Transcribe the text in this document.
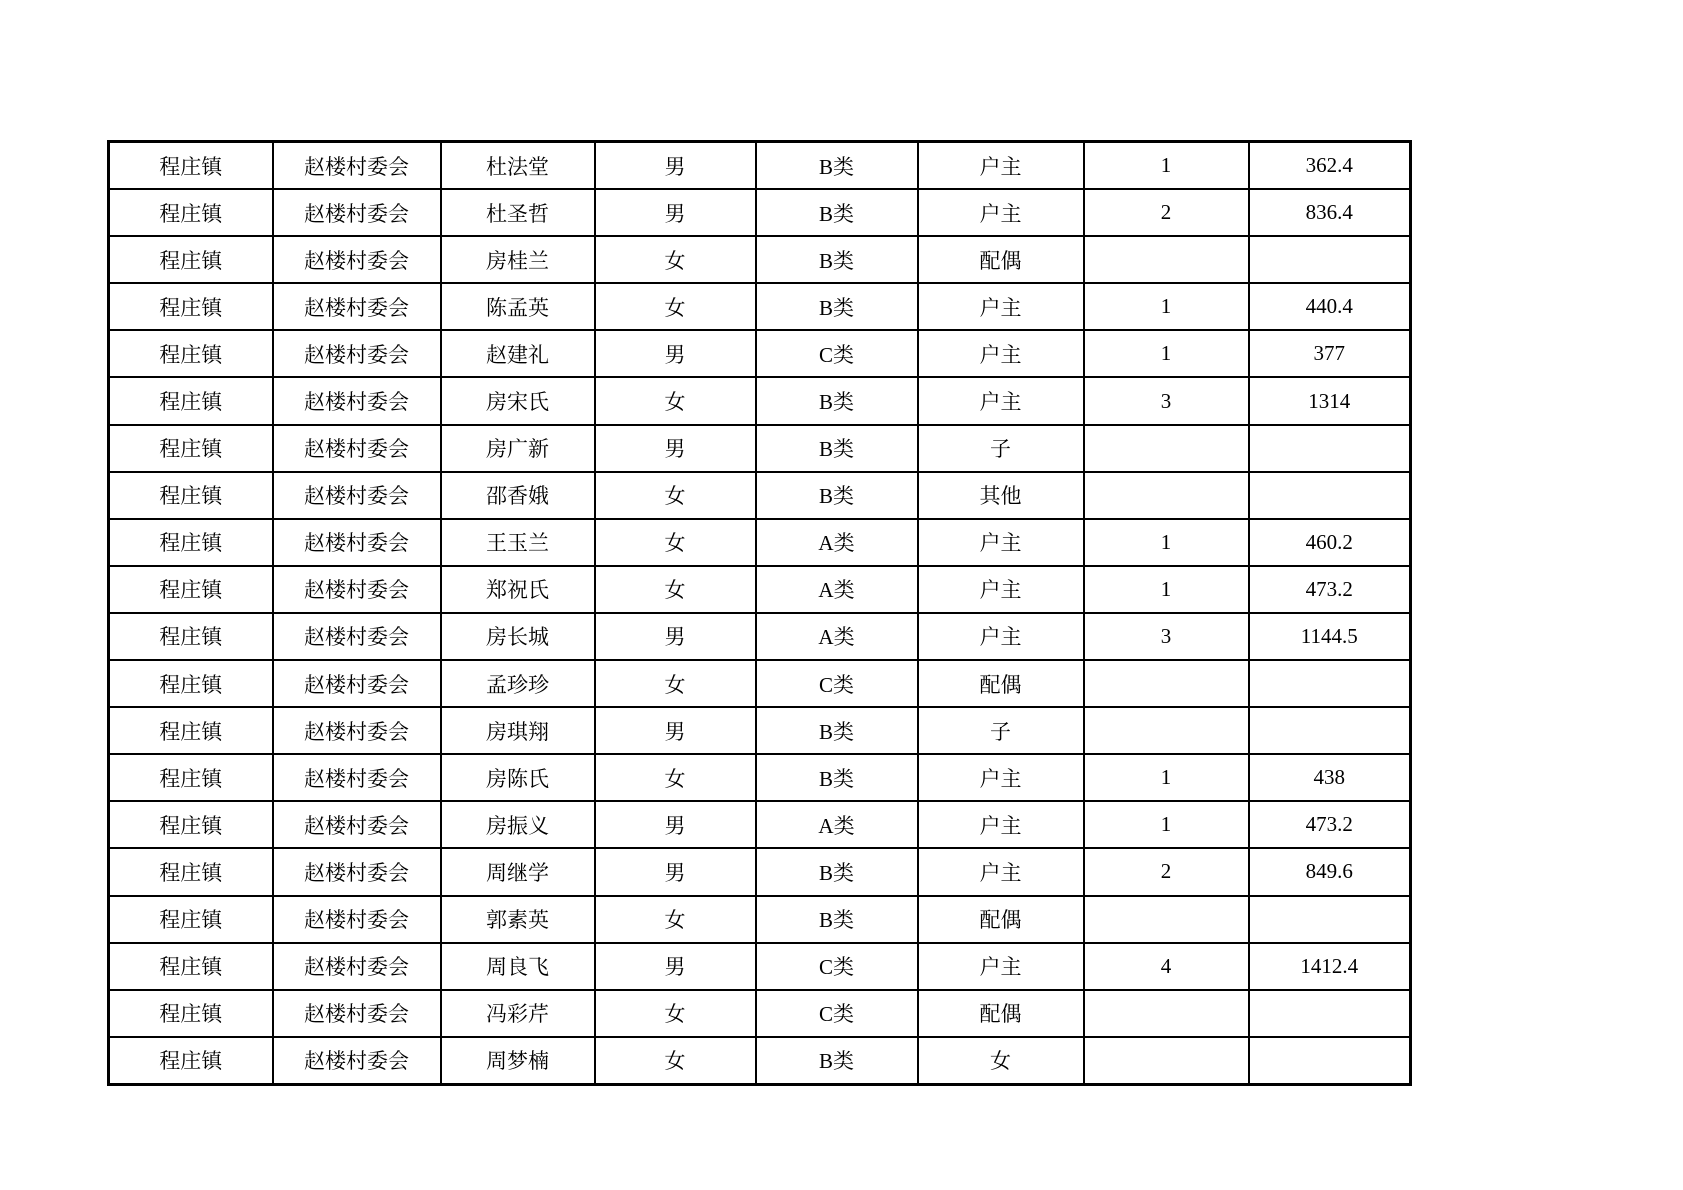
程庄镇	赵楼村委会	杜法堂	男	B类	户主	1	362.4
程庄镇	赵楼村委会	杜圣哲	男	B类	户主	2	836.4
程庄镇	赵楼村委会	房桂兰	女	B类	配偶		
程庄镇	赵楼村委会	陈孟英	女	B类	户主	1	440.4
程庄镇	赵楼村委会	赵建礼	男	C类	户主	1	377
程庄镇	赵楼村委会	房宋氏	女	B类	户主	3	1314
程庄镇	赵楼村委会	房广新	男	B类	子		
程庄镇	赵楼村委会	邵香娥	女	B类	其他		
程庄镇	赵楼村委会	王玉兰	女	A类	户主	1	460.2
程庄镇	赵楼村委会	郑祝氏	女	A类	户主	1	473.2
程庄镇	赵楼村委会	房长城	男	A类	户主	3	1144.5
程庄镇	赵楼村委会	孟珍珍	女	C类	配偶		
程庄镇	赵楼村委会	房琪翔	男	B类	子		
程庄镇	赵楼村委会	房陈氏	女	B类	户主	1	438
程庄镇	赵楼村委会	房振义	男	A类	户主	1	473.2
程庄镇	赵楼村委会	周继学	男	B类	户主	2	849.6
程庄镇	赵楼村委会	郭素英	女	B类	配偶		
程庄镇	赵楼村委会	周良飞	男	C类	户主	4	1412.4
程庄镇	赵楼村委会	冯彩芹	女	C类	配偶		
程庄镇	赵楼村委会	周梦楠	女	B类	女		
